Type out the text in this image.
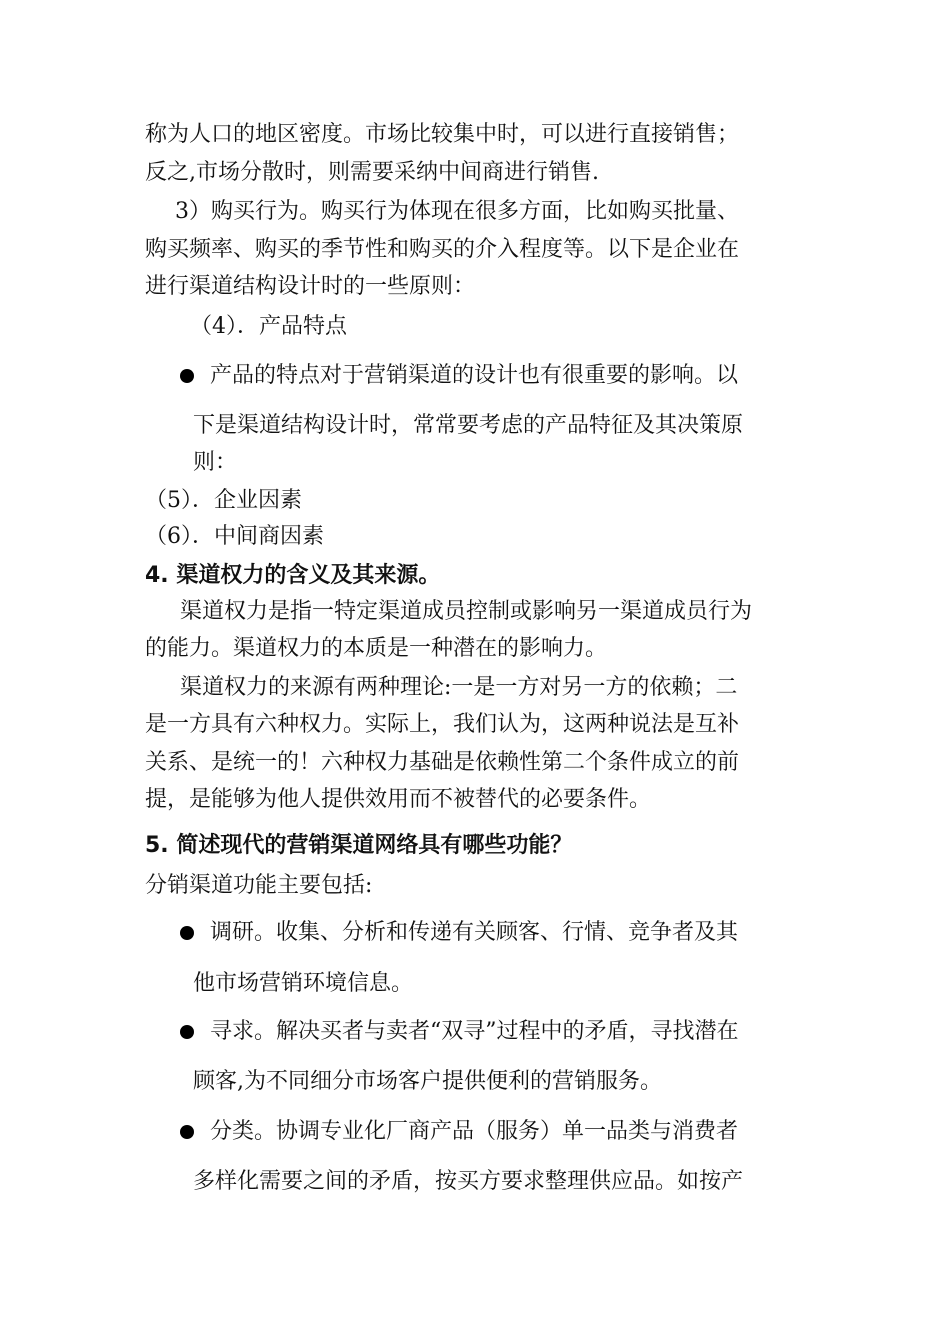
称为人口的地区密度。市场比较集中时，可以进行直接销售；
反之,市场分散时，则需要采纳中间商进行销售.
3）购买行为。购买行为体现在很多方面，比如购买批量、
购买频率、购买的季节性和购买的介入程度等。以下是企业在
进行渠道结构设计时的一些原则：
（4）．产品特点
产品的特点对于营销渠道的设计也有很重要的影响。以
下是渠道结构设计时，常常要考虑的产品特征及其决策原
则：
（5）．企业因素
（6）．中间商因素
4. 渠道权力的含义及其来源。
渠道权力是指一特定渠道成员控制或影响另一渠道成员行为
的能力。渠道权力的本质是一种潜在的影响力。
渠道权力的来源有两种理论:一是一方对另一方的依赖；二
是一方具有六种权力。实际上，我们认为，这两种说法是互补
关系、是统一的！六种权力基础是依赖性第二个条件成立的前
提，是能够为他人提供效用而不被替代的必要条件。
5. 简述现代的营销渠道网络具有哪些功能？
分销渠道功能主要包括:
调研。收集、分析和传递有关顾客、行情、竞争者及其
他市场营销环境信息。
寻求。解决买者与卖者“双寻”过程中的矛盾，寻找潜在
顾客,为不同细分市场客户提供便利的营销服务。
分类。协调专业化厂商产品（服务）单一品类与消费者
多样化需要之间的矛盾，按买方要求整理供应品。如按产
